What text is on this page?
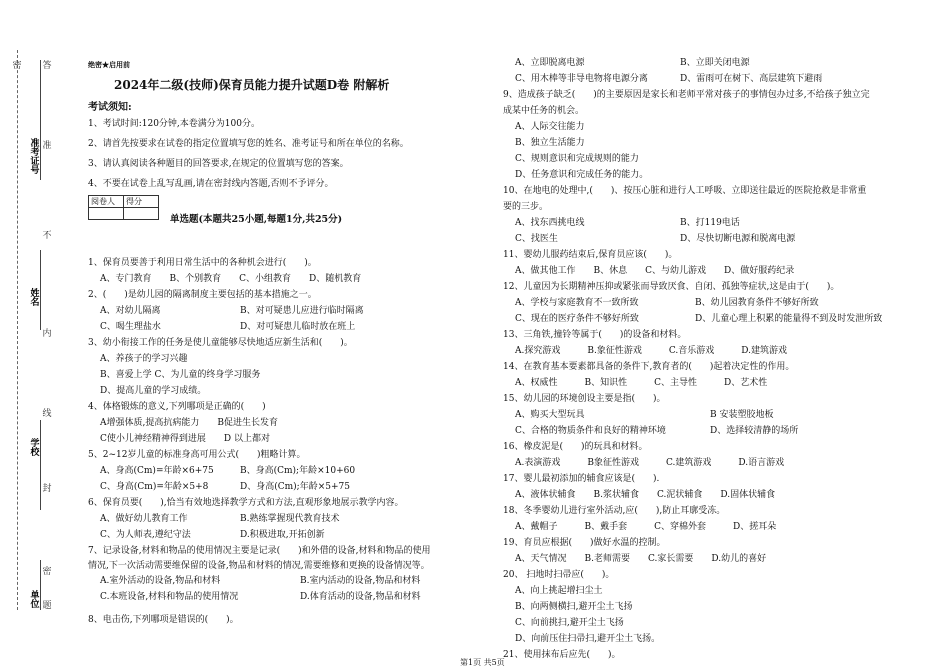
密 答
准
准考证号
不
姓名
内
线
学校
封
密
单位 题
绝密★启用前
2024年二级(技师)保育员能力提升试题D卷 附解析
考试须知:
1、考试时间:120分钟,本卷满分为100分。
2、请首先按要求在试卷的指定位置填写您的姓名、准考证号和所在单位的名称。
3、请认真阅读各种题目的回答要求,在规定的位置填写您的答案。
4、不要在试卷上乱写乱画,请在密封线内答题,否则不予评分。
阅卷人	得分

单选题(本题共25小题,每题1分,共25分)
1、保育员要善于利用日常生活中的各种机会进行(　　)。
A、专门教育　　B、个别教育　　C、小组教育　　D、随机教育
2、(　　)是幼儿园的隔离制度主要包括的基本措施之一。
A、对幼儿隔离	B、对可疑患儿应进行临时隔离
C、喝生理盐水	D、对可疑患儿临时放在班上
3、幼小衔接工作的任务是使儿童能够尽快地适应新生活和(　　)。
A、养孩子的学习兴趣
B、喜爱上学 C、为儿童的终身学习服务
D、提高儿童的学习成绩。
4、体格锻炼的意义,下列哪项是正确的(　　)
A增强体质,提高抗病能力　　B促进生长发育
C使小儿神经精神得到进展　　D 以上都对
5、2~12岁儿童的标准身高可用公式(　　)粗略计算。
A、身高(Cm)=年龄×6+75	B、身高(Cm);年龄×10+60
C、身高(Cm)=年龄×5+8	D、身高(Cm);年龄×5+75
6、保育员要(　　),恰当有效地选择教学方式和方法,直观形象地展示教学内容。
A、做好幼儿教育工作	B.熟练掌握现代教育技术
C、为人师表,遵纪守法	D.积极进取,开拓创新
7、记录设备,材料和物品的使用情况主要是记录(　　)和外借的设备,材料和物品的使用
情况,下一次活动需要维保留的设备,物品和材料的情况,需要维修和更换的设备情况等。
A.室外活动的设备,物品和材料	B.室内活动的设备,物品和材料
C.本班设备,材料和物品的使用情况	D.体育活动的设备,物品和材料
8、电击伤,下列哪项是错误的(　　)。
A、立即脱离电源	B、立即关闭电源
C、用木棒等非导电物将电源分离	D、雷雨可在树下、高层建筑下避雨
9、造成孩子缺乏(　　)的主要原因是家长和老师平常对孩子的事情包办过多,不给孩子独立完
成某中任务的机会。
A、人际交往能力
B、独立生活能力
C、规则意识和完成规则的能力
D、任务意识和完成任务的能力。
10、在地电的处理中,(　　)、按压心脏和进行人工呼吸、立即送往最近的医院抢救是非常重
要的三步。
A、找东西挑电线	B、打119电话
C、找医生	D、尽快切断电源和脱离电源
11、婴幼儿服药结束后,保育员应该(　　)。
A、做其他工作　　B、休息　　C、与幼儿游戏　　D、做好服药纪录
12、儿童因为长期精神压抑或紧张而导致厌食、自闭、孤独等症状,这是由于(　　)。
A、学校与家庭教育不一致所致	B、幼儿园教育条件不够好所致
C、现在的医疗条件不够好所致	D、儿童心理上积累的能量得不到及时发泄所致
13、三角铁,撞铃等属于(　　)的设备和材料。
A.探究游戏　　　B.象征性游戏　　　C.音乐游戏　　　D.建筑游戏
14、在教育基本要素都具备的条件下,教育者的(　　)起着决定性的作用。
A、权威性　　　B、知识性　　　C、主导性　　　D、艺术性
15、幼儿园的环境创设主要是指(　　)。
A、购买大型玩具	B 安装塑胶地板
C、合格的物质条件和良好的精神环境	D、选择较清静的场所
16、橡皮泥是(　　)的玩具和材料。
A.表演游戏　　　B象征性游戏　　　C.建筑游戏　　　D.语言游戏
17、婴儿最初添加的辅食应该是(　　).
A、液体状辅食　　B.浆状辅食　　C.泥状辅食　　D.固体状辅食
18、冬季婴幼儿进行室外活动,应(　　),防止耳廓受冻。
A、戴帽子　　　B、戴手套　　　C、穿棉外套　　　D、搓耳朵
19、育员应根据(　　)做好水温的控制。
A、天气情况　　B.老师需要　　C.家长需要　　D.幼儿的喜好
20、 扫地时扫帚应(　　)。
A、向上挑起增扫尘土
B、向两侧横扫,避开尘土飞扬
C、向前挑扫,避开尘土飞扬
D、向前压住扫帚扫,避开尘土飞扬。
21、使用抹布后应先(　　)。
第1页 共5页
